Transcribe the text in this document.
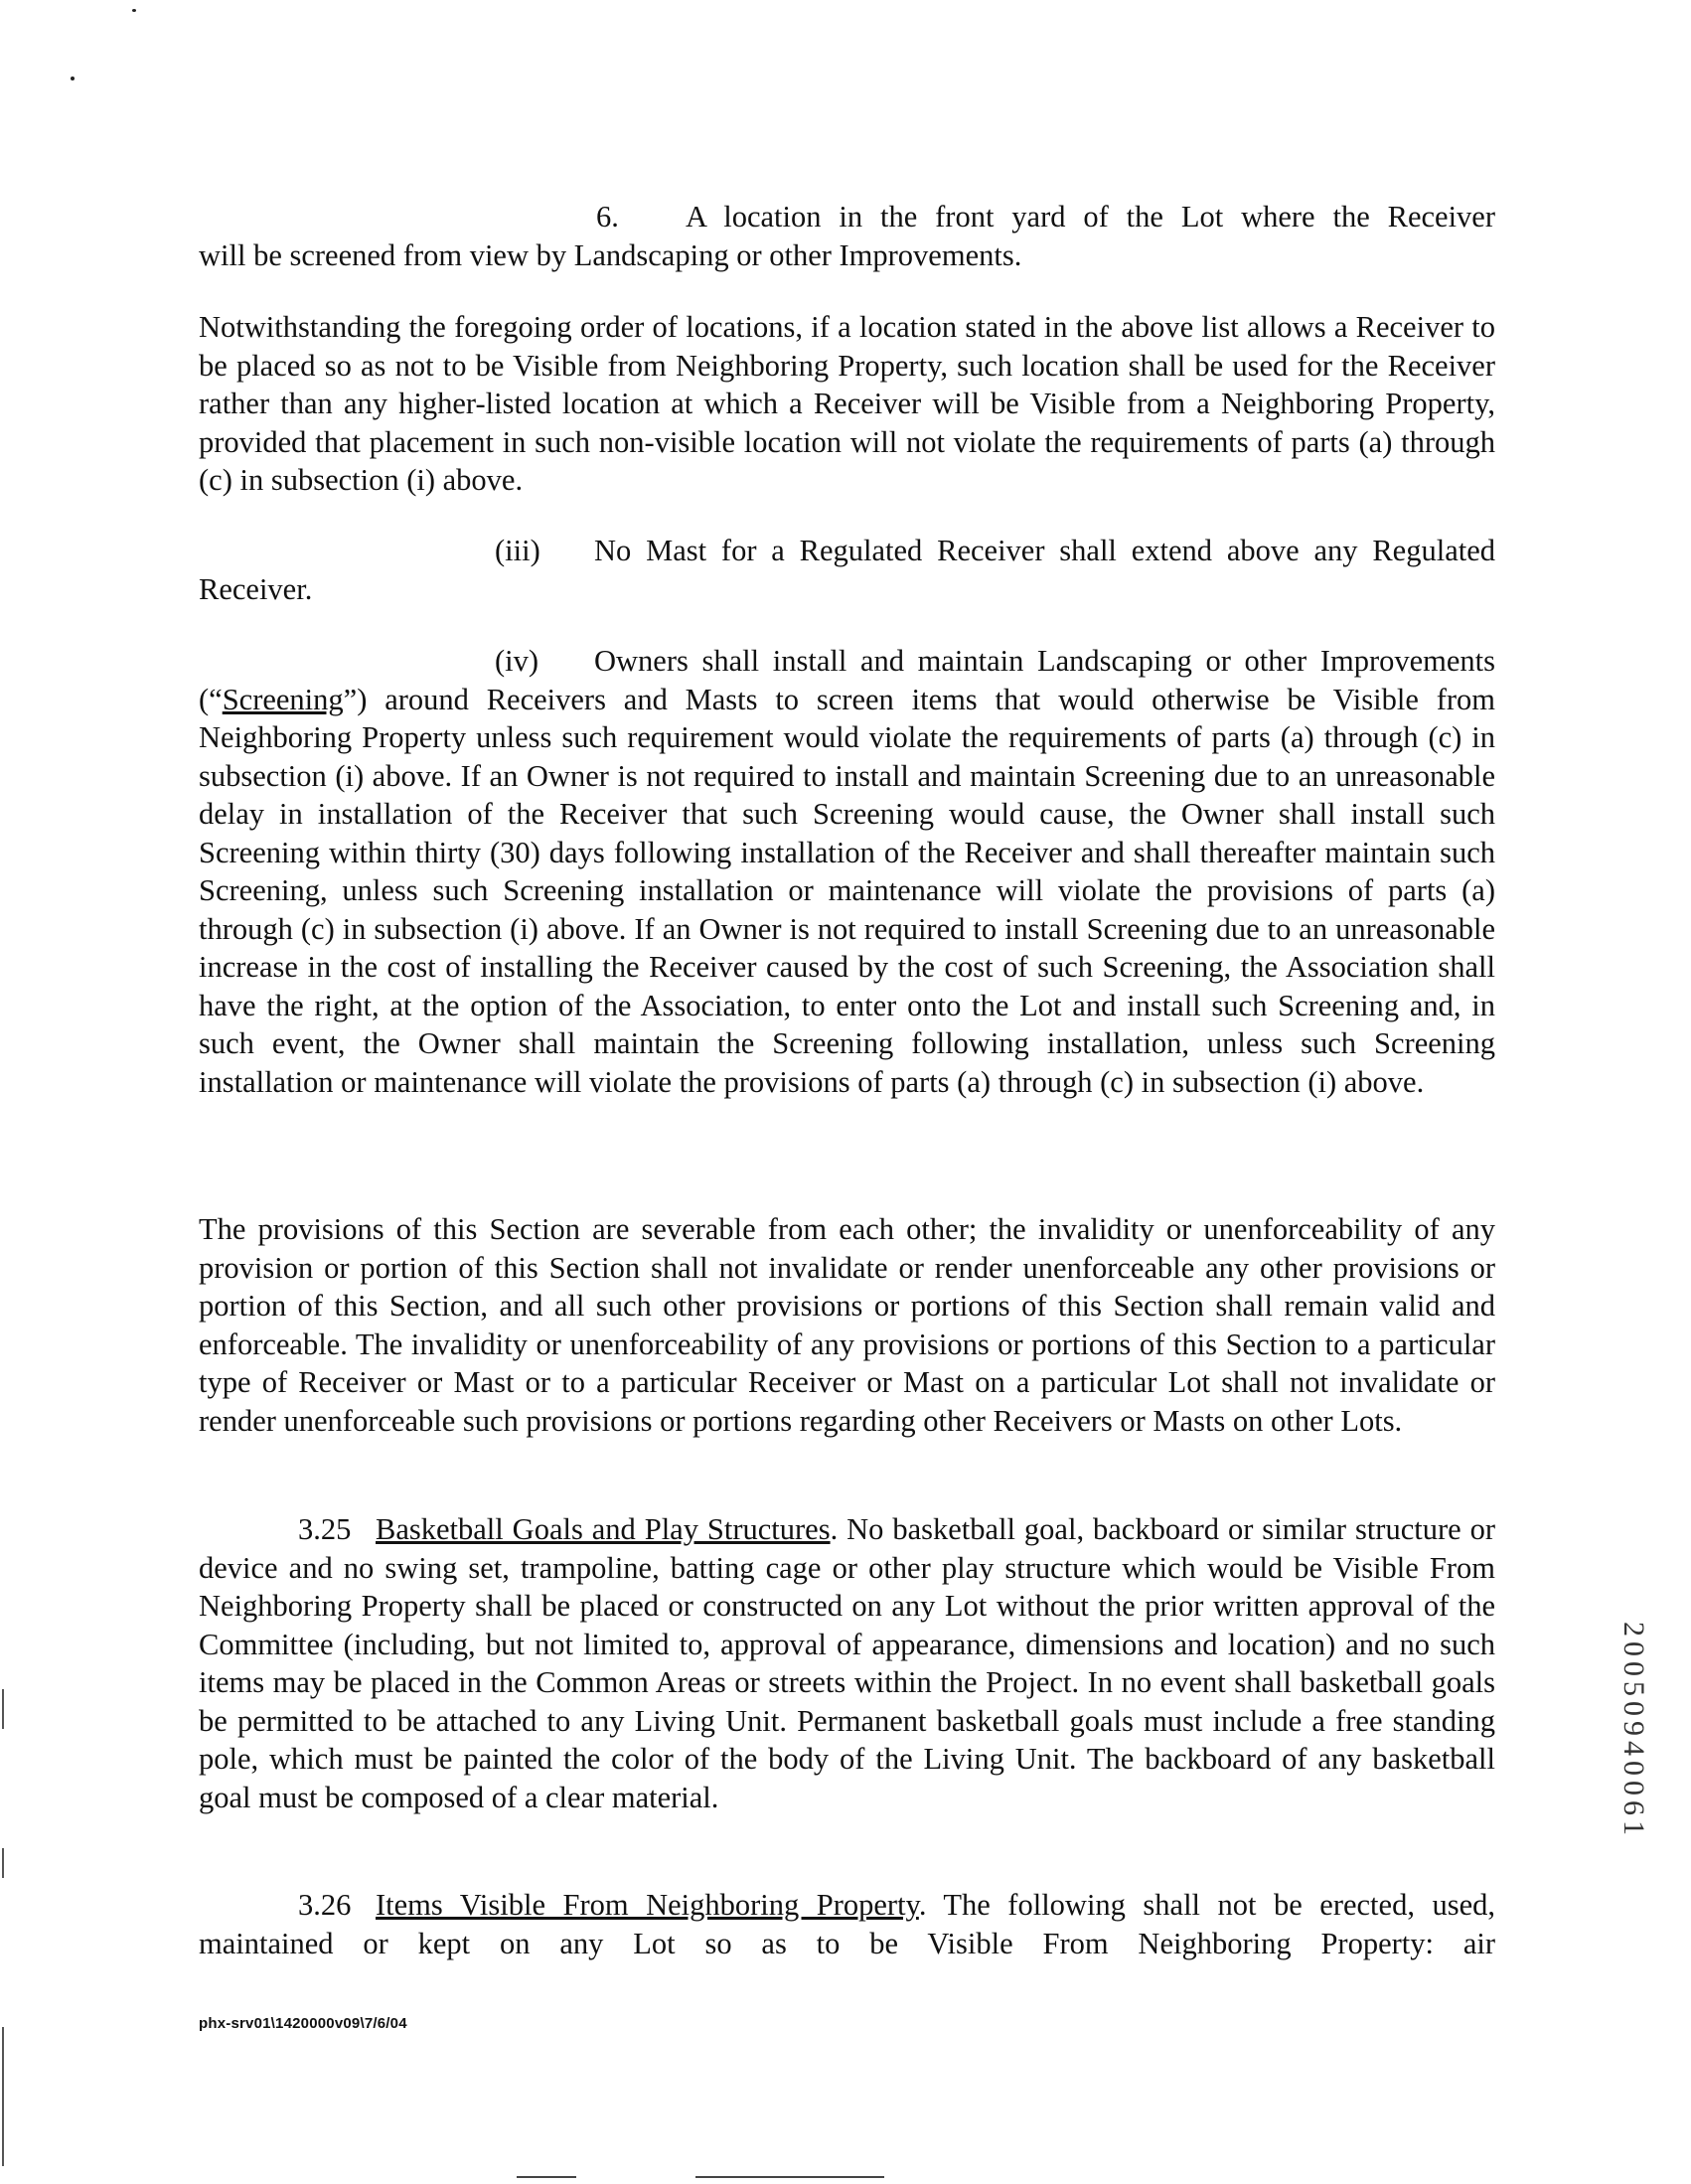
6. A location in the front yard of the Lot where the Receiver

will be screened from view by Landscaping or other Improvements.

Notwithstanding the foregoing order of locations, if a location stated in the above list allows a Receiver to be placed so as not to be Visible from Neighboring Property, such location shall be used for the Receiver rather than any higher-listed location at which a Receiver will be Visible from a Neighboring Property, provided that placement in such non-visible location will not violate the requirements of parts (a) through (c) in subsection (i) above.

(iii) No Mast for a Regulated Receiver shall extend above any Regulated Receiver.

(iv) Owners shall install and maintain Landscaping or other Improvements (“Screening”) around Receivers and Masts to screen items that would otherwise be Visible from Neighboring Property unless such requirement would violate the requirements of parts (a) through (c) in subsection (i) above. If an Owner is not required to install and maintain Screening due to an unreasonable delay in installation of the Receiver that such Screening would cause, the Owner shall install such Screening within thirty (30) days following installation of the Receiver and shall thereafter maintain such Screening, unless such Screening installation or maintenance will violate the provisions of parts (a) through (c) in subsection (i) above. If an Owner is not required to install Screening due to an unreasonable increase in the cost of installing the Receiver caused by the cost of such Screening, the Association shall have the right, at the option of the Association, to enter onto the Lot and install such Screening and, in such event, the Owner shall maintain the Screening following installation, unless such Screening installation or maintenance will violate the provisions of parts (a) through (c) in subsection (i) above.

The provisions of this Section are severable from each other; the invalidity or unenforceability of any provision or portion of this Section shall not invalidate or render unenforceable any other provisions or portion of this Section, and all such other provisions or portions of this Section shall remain valid and enforceable. The invalidity or unenforceability of any provisions or portions of this Section to a particular type of Receiver or Mast or to a particular Receiver or Mast on a particular Lot shall not invalidate or render unenforceable such provisions or portions regarding other Receivers or Masts on other Lots.

3.25 Basketball Goals and Play Structures. No basketball goal, backboard or similar structure or device and no swing set, trampoline, batting cage or other play structure which would be Visible From Neighboring Property shall be placed or constructed on any Lot without the prior written approval of the Committee (including, but not limited to, approval of appearance, dimensions and location) and no such items may be placed in the Common Areas or streets within the Project. In no event shall basketball goals be permitted to be attached to any Living Unit. Permanent basketball goals must include a free standing pole, which must be painted the color of the body of the Living Unit. The backboard of any basketball goal must be composed of a clear material.

3.26 Items Visible From Neighboring Property. The following shall not be erected, used, maintained or kept on any Lot so as to be Visible From Neighboring Property: air

phx-srv01\1420000v09\7/6/04
20050940061
